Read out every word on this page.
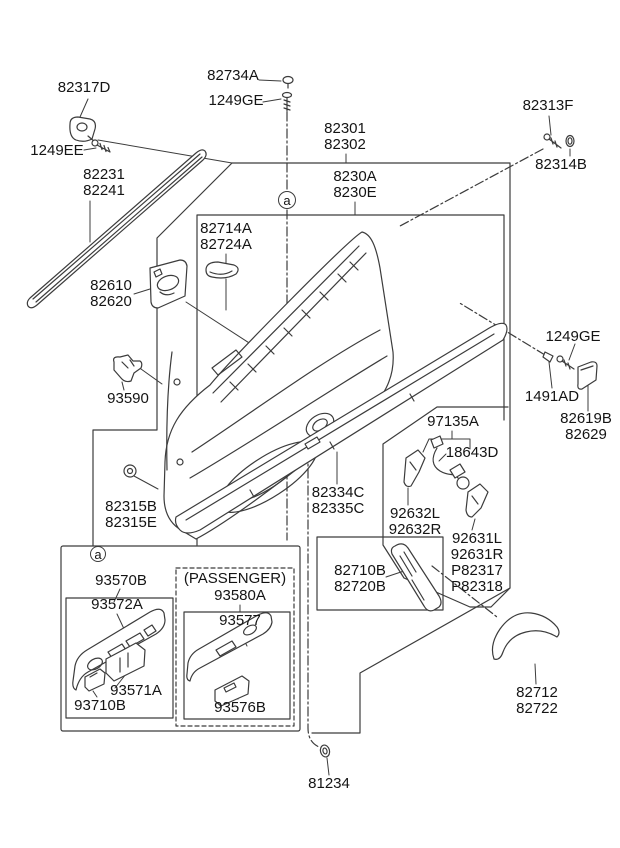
82317D
1249EE
82231
82241
82734A
1249GE
82301
82302
8230A
8230E
82313F
82314B
82714A
82724A
82610
82620
93590
1249GE
1491AD
82619B
82629
97135A
18643D
82334C
82335C 92632L
92632R
92631L
92631R
P82317
P82318
82315B
82315E
82710B
82720B
82712
82722
81234
93570B
93572A
(PASSENGER)
93580A
93577
93571A
93710B	93576B
a
a
